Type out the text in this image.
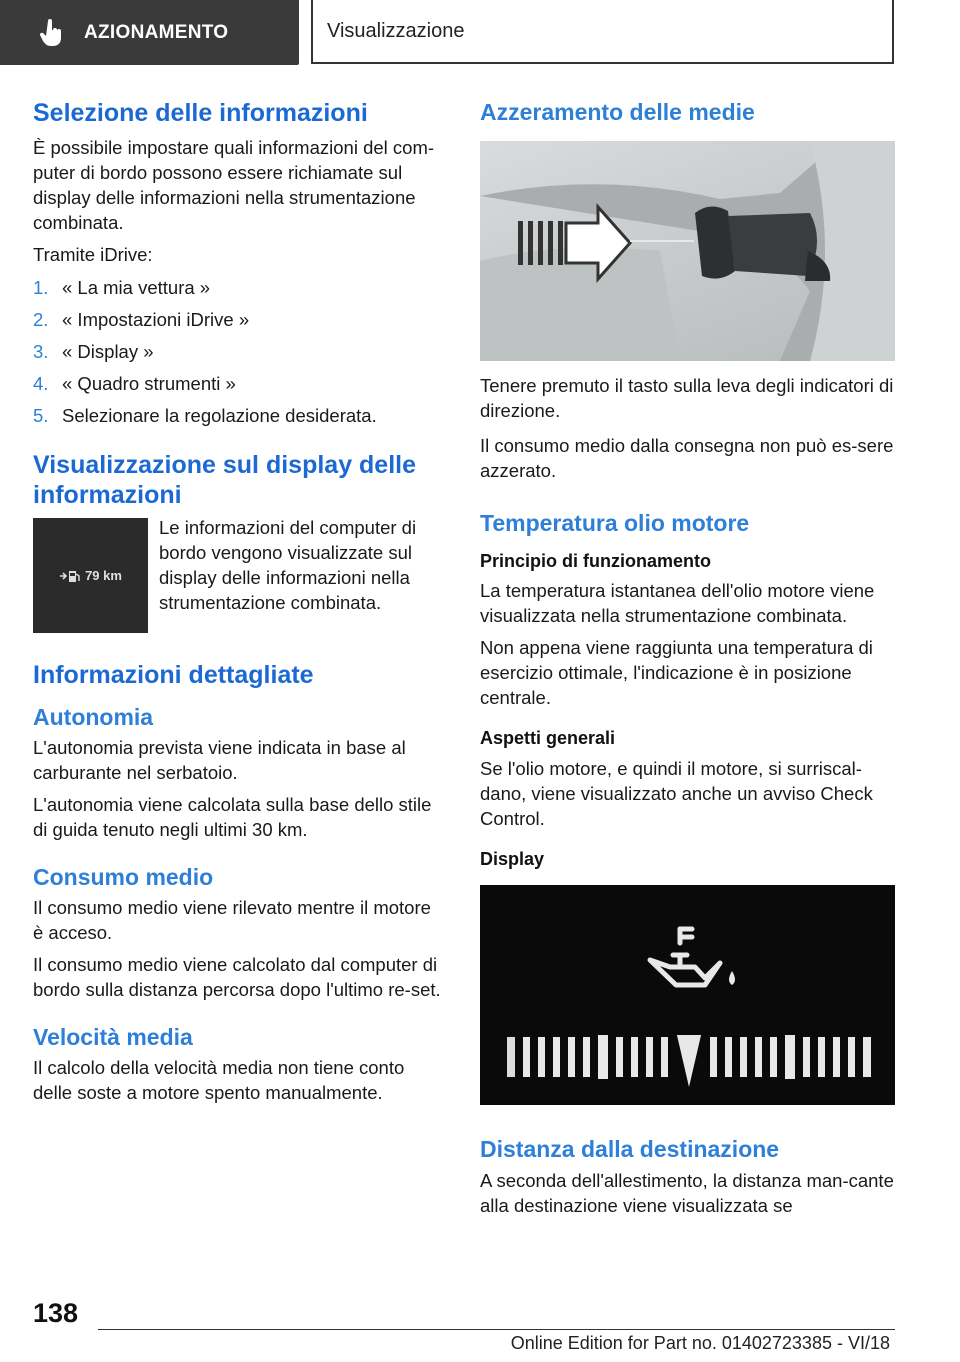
AZIONAMENTO	Visualizzazione
Selezione delle informazioni

È possibile impostare quali informazioni del com-puter di bordo possono essere richiamate sul display delle informazioni nella strumentazione combinata.

Tramite iDrive:

1. « La mia vettura »
2. « Impostazioni iDrive »
3. « Display »
4. « Quadro strumenti »
5. Selezionare la regolazione desiderata.
Visualizzazione sul display delle informazioni
79 km

Le informazioni del computer di bordo vengono visualizzate sul display delle informazioni nella strumentazione combinata.

Informazioni dettagliate
Autonomia

L'autonomia prevista viene indicata in base al carburante nel serbatoio.

L'autonomia viene calcolata sulla base dello stile di guida tenuto negli ultimi 30 km.

Consumo medio

Il consumo medio viene rilevato mentre il motore è acceso.

Il consumo medio viene calcolato dal computer di bordo sulla distanza percorsa dopo l'ultimo re-set.

Velocità media

Il calcolo della velocità media non tiene conto delle soste a motore spento manualmente.

Azzeramento delle medie

Tenere premuto il tasto sulla leva degli indicatori di direzione.

Il consumo medio dalla consegna non può es-sere azzerato.

Temperatura olio motore
Principio di funzionamento

La temperatura istantanea dell'olio motore viene visualizzata nella strumentazione combinata.

Non appena viene raggiunta una temperatura di esercizio ottimale, l'indicazione è in posizione centrale.

Aspetti generali

Se l'olio motore, e quindi il motore, si surriscal-dano, viene visualizzato anche un avviso Check Control.

Display
Distanza dalla destinazione

A seconda dell'allestimento, la distanza man-cante alla destinazione viene visualizzata se

138
Online Edition for Part no. 01402723385 - VI/18
